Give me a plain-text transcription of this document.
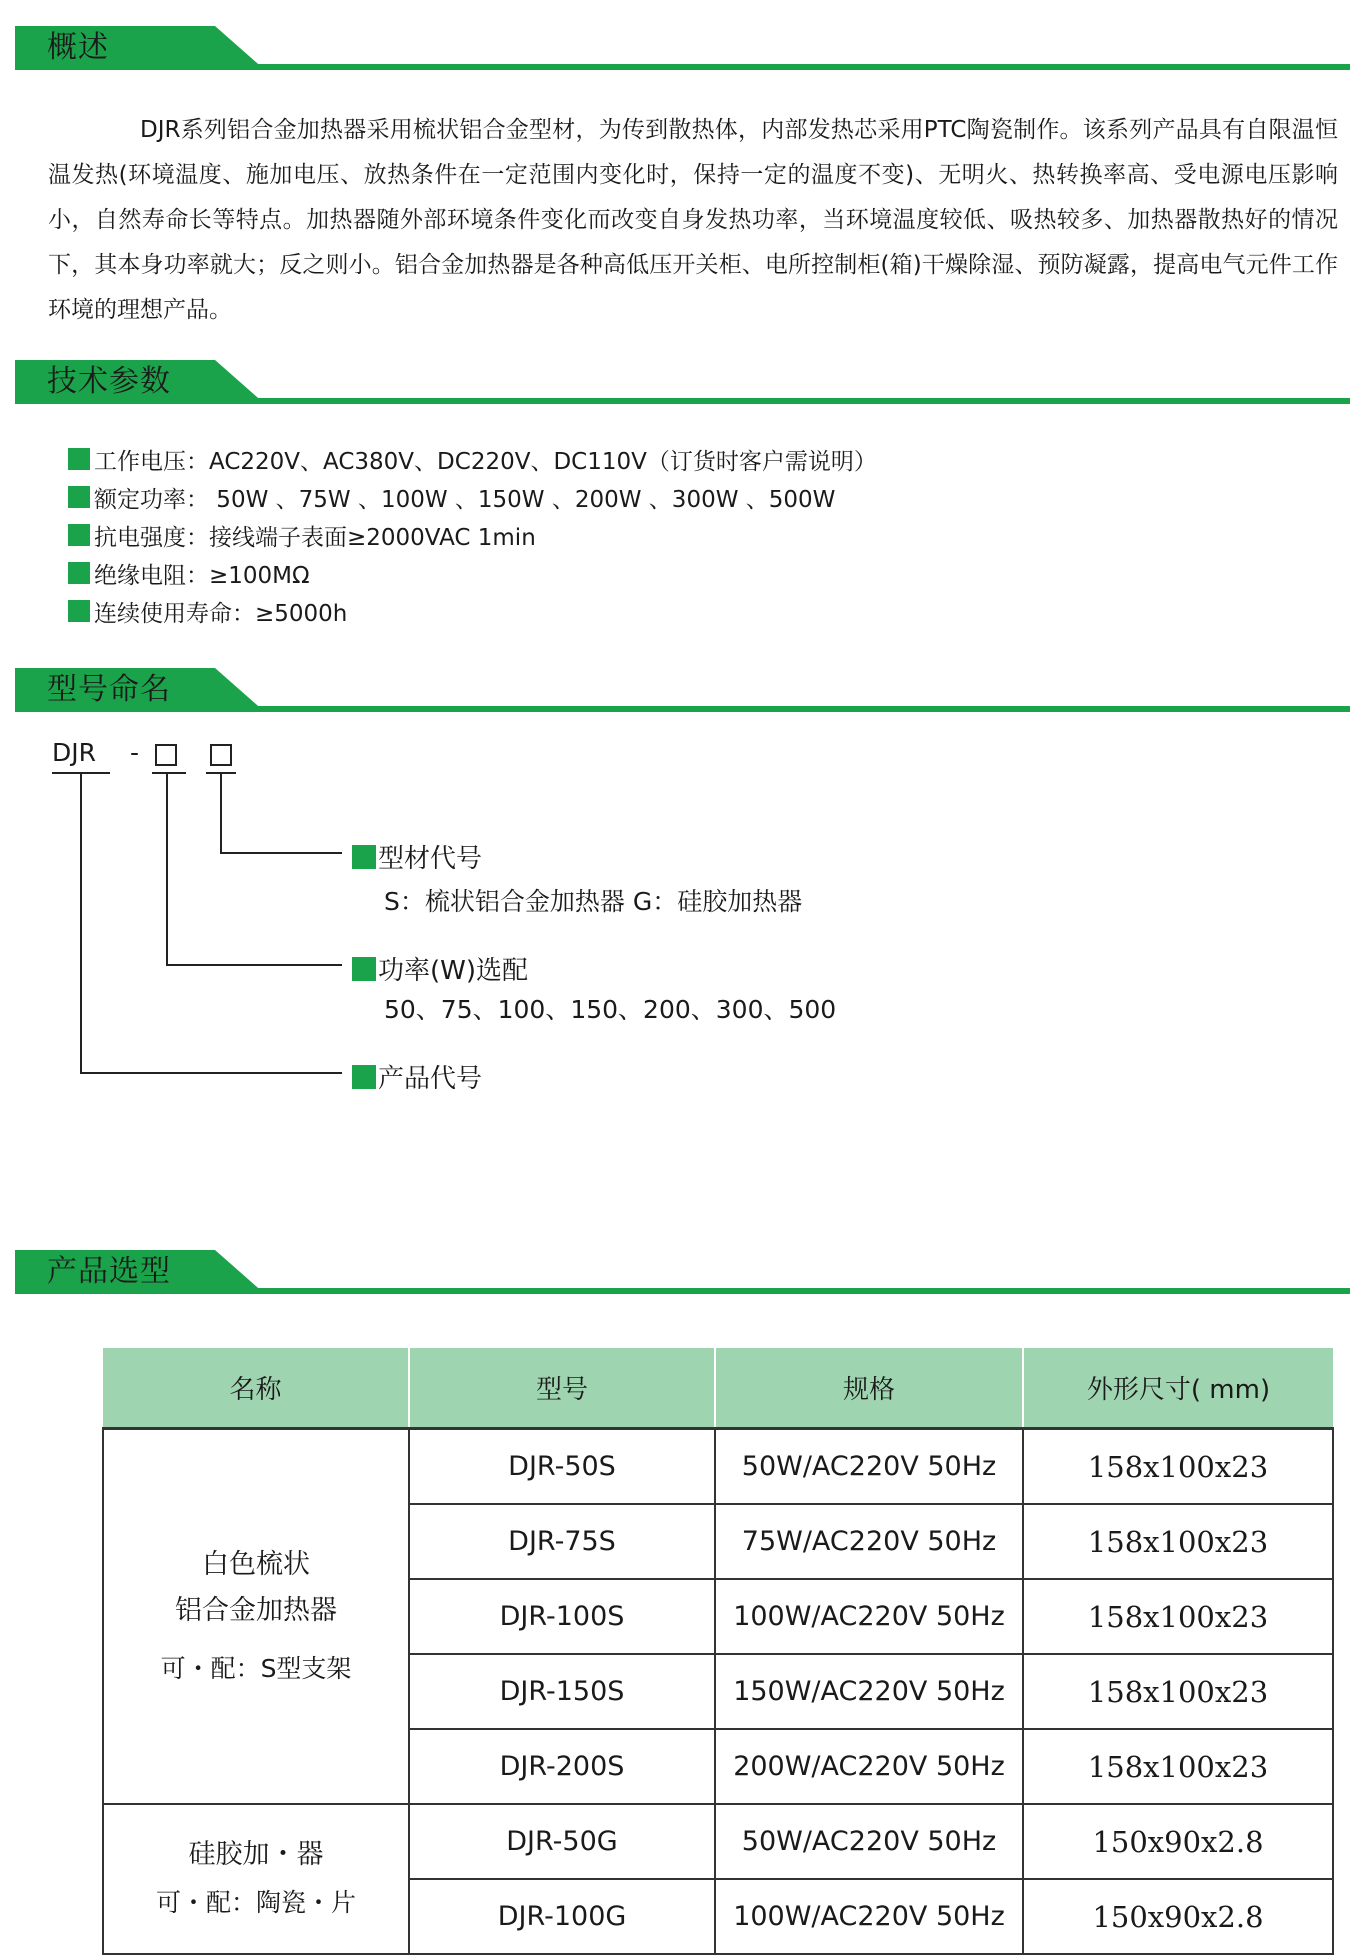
概述
DJR系列铝合金加热器采用梳状铝合金型材，为传到散热体，内部发热芯采用PTC陶瓷制作。该系列产品具有自限温恒温发热(环境温度、施加电压、放热条件在一定范围内变化时，保持一定的温度不变)、无明火、热转换率高、受电源电压影响小，自然寿命长等特点。加热器随外部环境条件变化而改变自身发热功率，当环境温度较低、吸热较多、加热器散热好的情况下，其本身功率就大；反之则小。铝合金加热器是各种高低压开关柜、电所控制柜(箱)干燥除湿、预防凝露，提高电气元件工作环境的理想产品。
技术参数
工作电压：AC220V、AC380V、DC220V、DC110V（订货时客户需说明）
额定功率： 50W 、75W 、100W 、150W 、200W 、300W 、500W
抗电强度：接线端子表面≥2000VAC 1min
绝缘电阻：≥100MΩ
连续使用寿命：≥5000h
型号命名
DJR -
型材代号
S：梳状铝合金加热器 G：硅胶加热器
功率(W)选配
50、75、100、150、200、300、500
产品代号
产品选型
名称	型号	规格	外形尺寸( mm)

白色梳状
铝合金加热器
可・配：S型支架	DJR-50S	50W/AC220V 50Hz	158x100x23
	DJR-75S	75W/AC220V 50Hz	158x100x23
	DJR-100S	100W/AC220V 50Hz	158x100x23
	DJR-150S	150W/AC220V 50Hz	158x100x23
	DJR-200S	200W/AC220V 50Hz	158x100x23

硅胶加・器
可・配：陶瓷・片	DJR-50G	50W/AC220V 50Hz	150x90x2.8
	DJR-100G	100W/AC220V 50Hz	150x90x2.8
